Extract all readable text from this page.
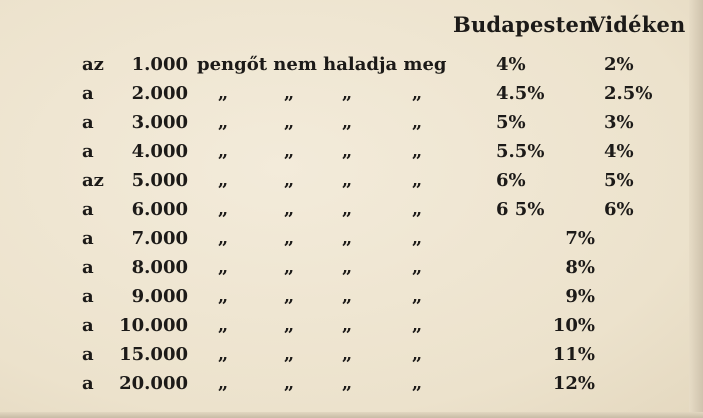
Budapesten
Vidéken
az	1.000 pengőt nem haladja meg	4%	2%
a	2.000 „	„	„	„	4.5%	2.5%
a	3.000 „	„	„	„	5%	3%
a	4.000 „	„	„	„	5.5%	4%
az	5.000 „	„	„	„	6%	5%
a	6.000 „	„	„	„	6 5%	6%
a	7.000 „	„	„	„	7%
a	8.000 „	„	„	„	8%
a	9.000 „	„	„	„	9%
a	10.000 „	„	„	„	10%
a	15.000 „	„	„	„	11%
a	20.000 „	„	„	„	12%
